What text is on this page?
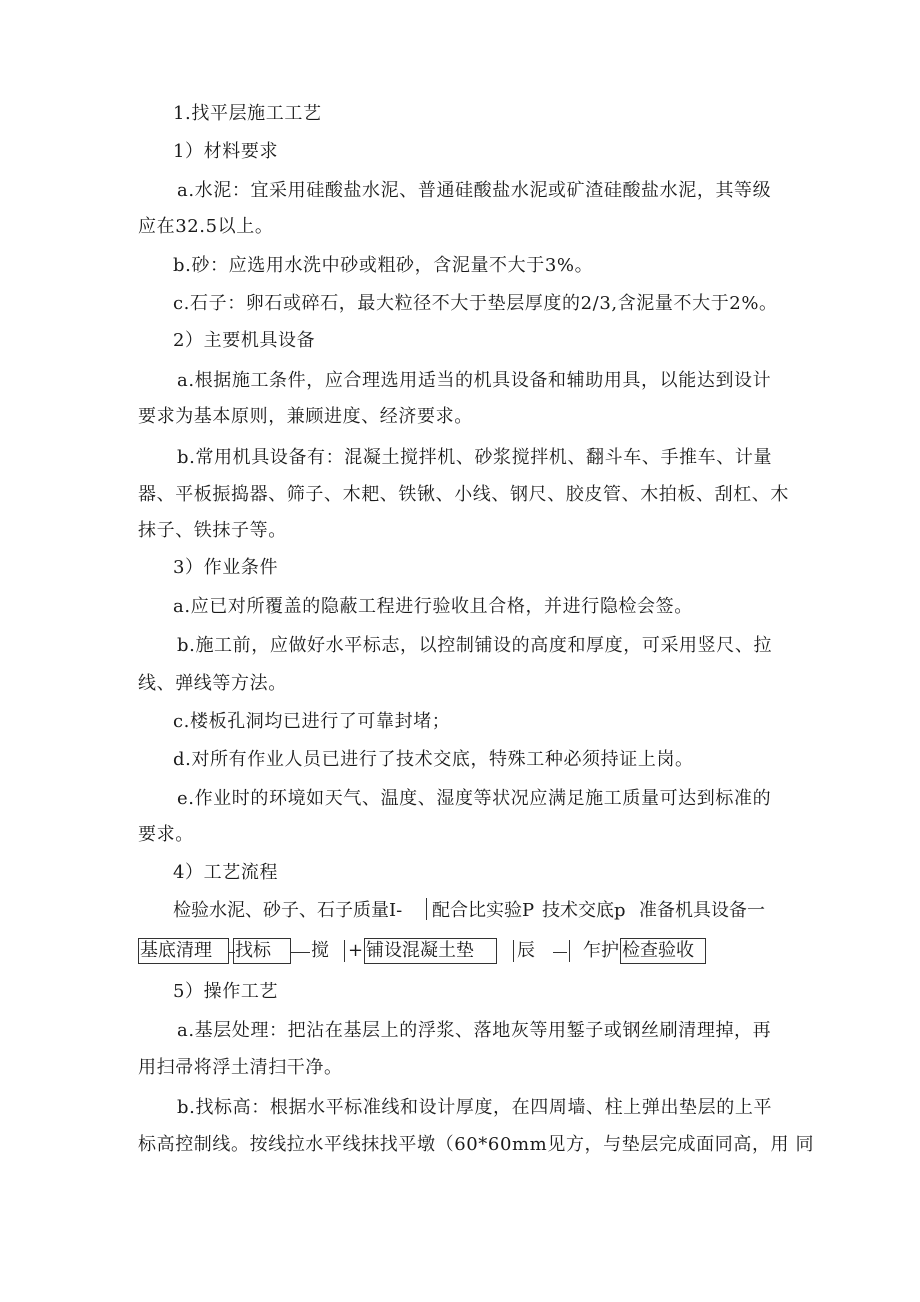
1.找平层施工工艺
1）材料要求
a.水泥：宜采用硅酸盐水泥、普通硅酸盐水泥或矿渣硅酸盐水泥，其等级
应在32.5以上。
b.砂：应选用水洗中砂或粗砂，含泥量不大于3%。
c.石子：卵石或碎石，最大粒径不大于垫层厚度的2/3,含泥量不大于2%。
2）主要机具设备
a.根据施工条件，应合理选用适当的机具设备和辅助用具，以能达到设计
要求为基本原则，兼顾进度、经济要求。
b.常用机具设备有：混凝土搅拌机、砂浆搅拌机、翻斗车、手推车、计量
器、平板振捣器、筛子、木耙、铁锹、小线、钢尺、胶皮管、木拍板、刮杠、木
抹子、铁抹子等。
3）作业条件
a.应已对所覆盖的隐蔽工程进行验收且合格，并进行隐检会签。
b.施工前，应做好水平标志，以控制铺设的高度和厚度，可采用竖尺、拉
线、弹线等方法。
c.楼板孔洞均已进行了可靠封堵；
d.对所有作业人员已进行了技术交底，特殊工种必须持证上岗。
e.作业时的环境如天气、温度、湿度等状况应满足施工质量可达到标准的
要求。
4）工艺流程
检验水泥、砂子、石子质量I- 配合比实验P 技术交底p 准备机具设备一
基底清理	找标	搅 + 铺设混凝土垫	辰	乍护 检查验收
5）操作工艺
a.基层处理：把沾在基层上的浮浆、落地灰等用錾子或钢丝刷清理掉，再
用扫帚将浮土清扫干净。
b.找标高：根据水平标准线和设计厚度，在四周墙、柱上弹出垫层的上平
标高控制线。按线拉水平线抹找平墩（60*60mm见方，与垫层完成面同高，用 同
